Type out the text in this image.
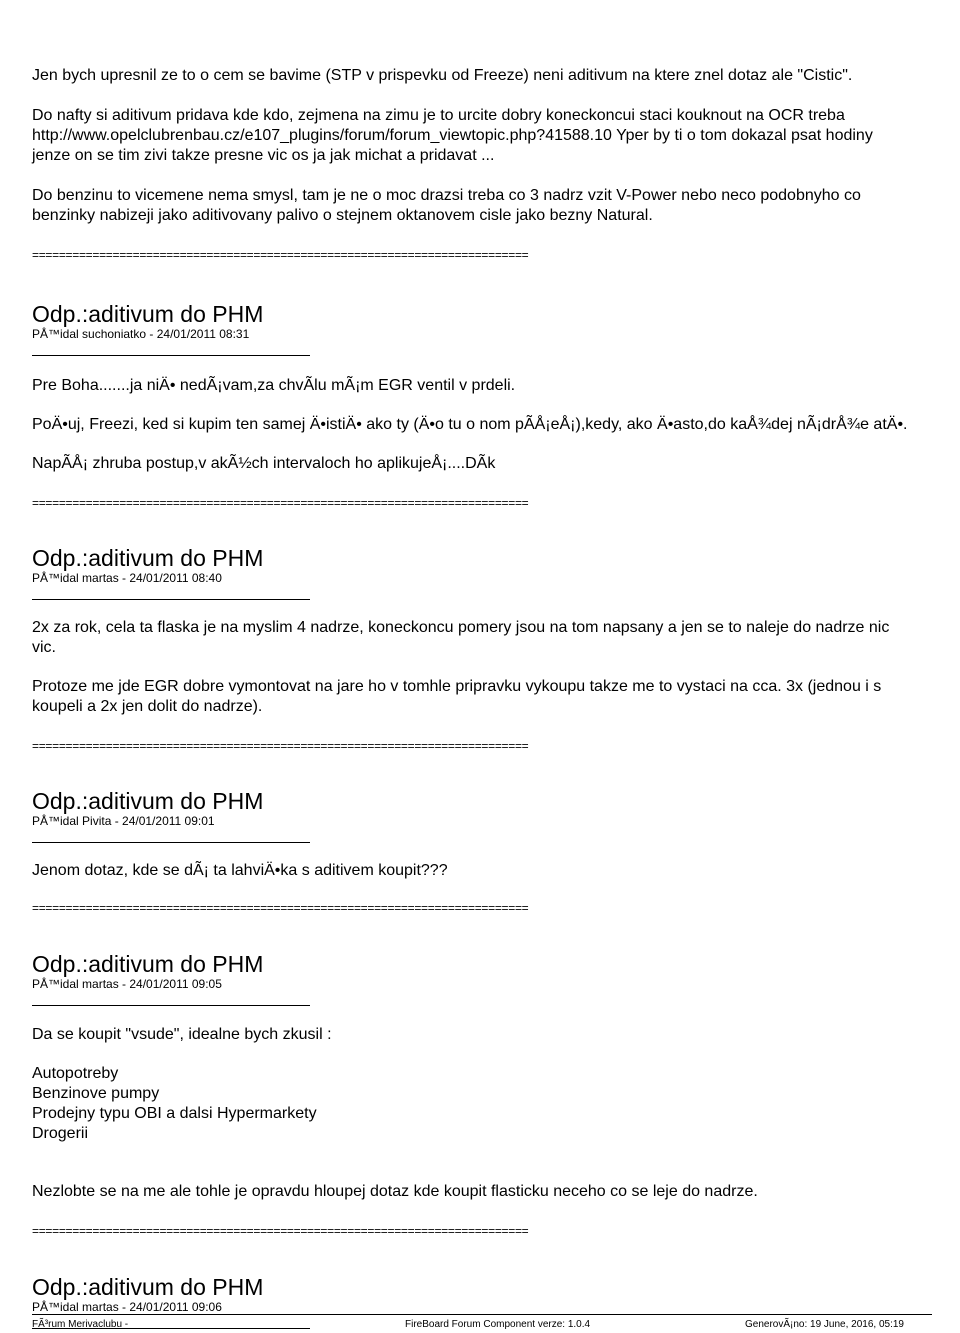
Jen bych upresnil ze to o cem se bavime (STP v prispevku od Freeze) neni aditivum na ktere znel dotaz ale "Cistic".

Do nafty si aditivum pridava kde kdo, zejmena na zimu je to urcite dobry koneckoncui staci kouknout na OCR treba
http://www.opelclubrenbau.cz/e107_plugins/forum/forum_viewtopic.php?41588.10 Yper by ti o tom dokazal psat hodiny
jenze on se tim zivi takze presne vic os ja jak michat a pridavat ...

Do benzinu to vicemene nema smysl, tam je ne o moc drazsi treba co 3 nadrz vzit V-Power nebo neco podobnyho co
benzinky nabizeji jako aditivovany palivo o stejnem oktanovem cisle jako bezny Natural.

==========================================================================
Odp.:aditivum do PHM
PÅ™idal suchoniatko - 24/01/2011 08:31

Pre Boha.......ja niÄ• nedÃ¡vam,za chvÃlu mÃ¡m EGR ventil v prdeli.

PoÄ•uj, Freezi, ked si kupim ten samej Ä•istiÄ• ako ty (Ä•o tu o nom pÃÅ¡eÅ¡),kedy, ako Ä•asto,do kaÅ¾dej nÃ¡drÅ¾e atÄ•.

NapÃÅ¡ zhruba postup,v akÃ½ch intervaloch ho aplikujeÅ¡....DÃk

==========================================================================
Odp.:aditivum do PHM
PÅ™idal martas - 24/01/2011 08:40

2x za rok, cela ta flaska je na myslim 4 nadrze, koneckoncu pomery jsou na tom napsany a jen se to naleje do nadrze nic
vic.

Protoze me jde EGR dobre vymontovat na jare ho v tomhle pripravku vykoupu takze me to vystaci na cca. 3x (jednou i s
koupeli a 2x jen dolit do nadrze).

==========================================================================
Odp.:aditivum do PHM
PÅ™idal Pivita - 24/01/2011 09:01

Jenom dotaz, kde se dÃ¡ ta lahviÄ•ka s aditivem koupit???

==========================================================================
Odp.:aditivum do PHM
PÅ™idal martas - 24/01/2011 09:05

Da se koupit "vsude", idealne bych zkusil :

Autopotreby
Benzinove pumpy
Prodejny typu OBI a dalsi Hypermarkety
Drogerii

Nezlobte se na me ale tohle je opravdu hloupej dotaz kde koupit flasticku neceho co se leje do nadrze.

==========================================================================
Odp.:aditivum do PHM
PÅ™idal martas - 24/01/2011 09:06
FÃ³rum Merivaclubu -	FireBoard Forum Component verze: 1.0.4	GenerovÃ¡no: 19 June, 2016, 05:19
